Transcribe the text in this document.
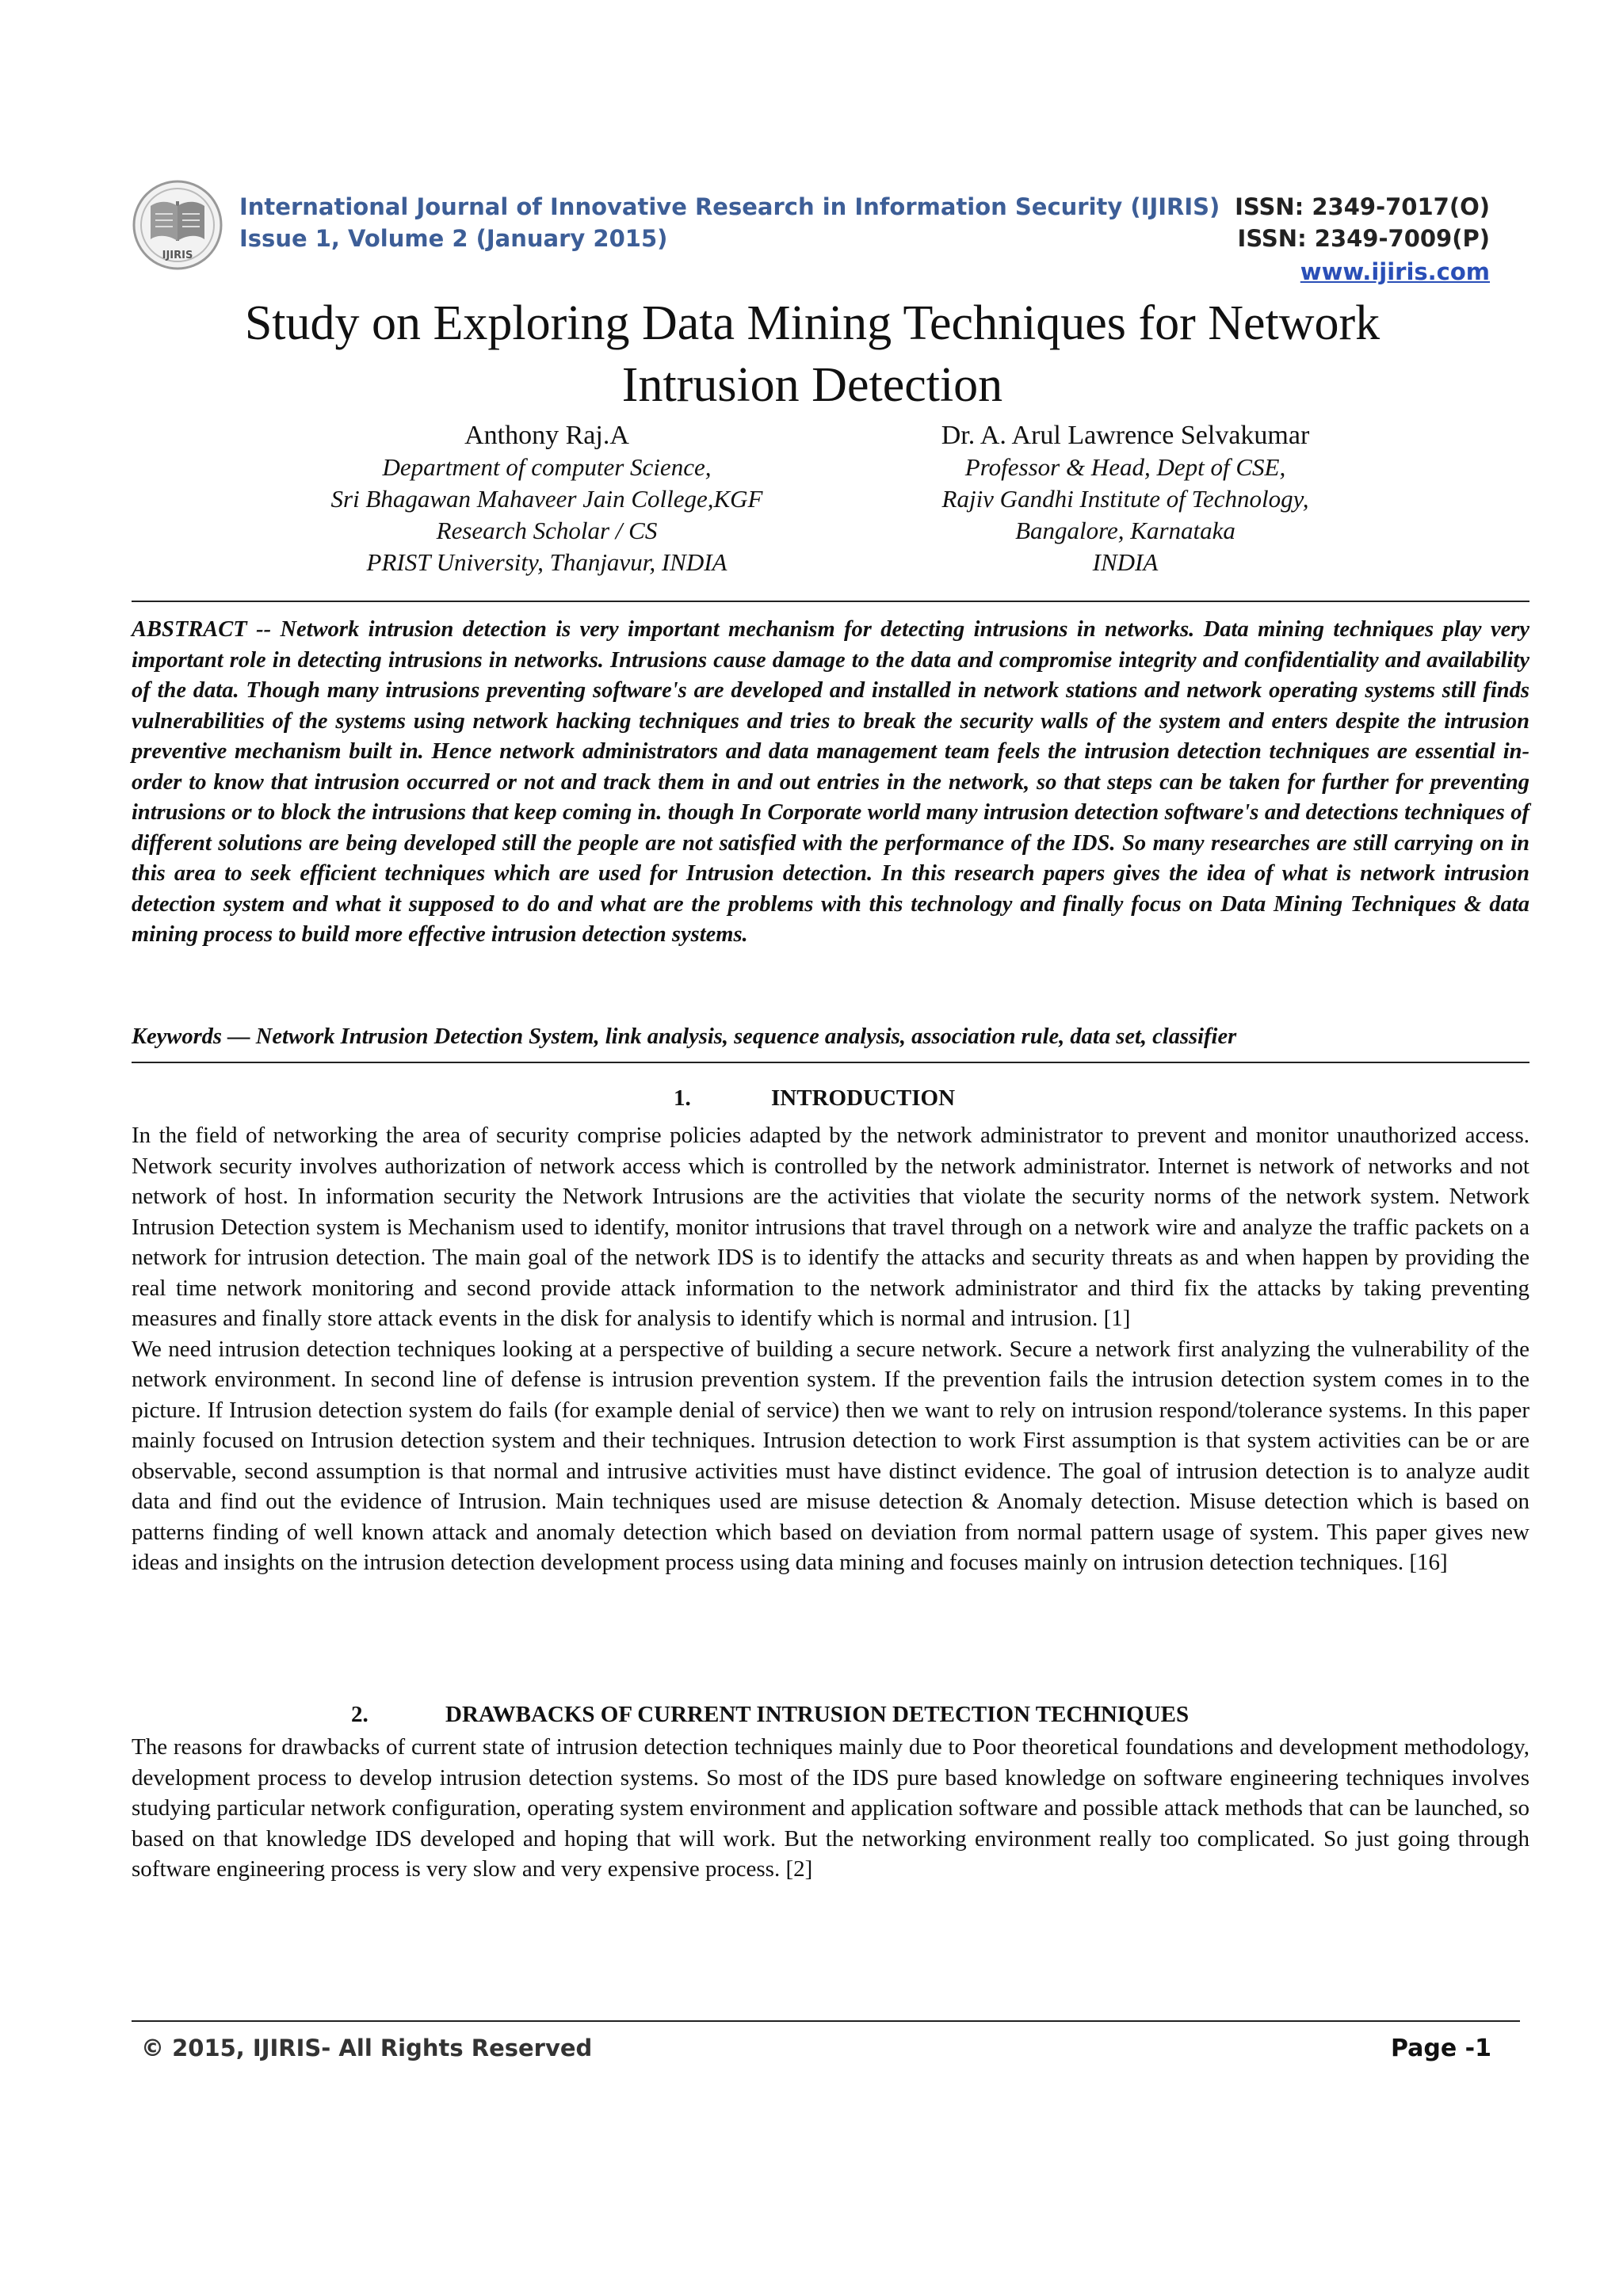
IJIRIS
International Journal of Innovative Research in Information Security (IJIRIS)
Issue 1, Volume 2 (January 2015)
ISSN: 2349-7017(O)
ISSN: 2349-7009(P)
www.ijiris.com
Study on Exploring Data Mining Techniques for Network
Intrusion Detection
Anthony Raj.A
Department of computer Science,
Sri Bhagawan Mahaveer Jain College,KGF
Research Scholar / CS
PRIST University, Thanjavur, INDIA
Dr. A. Arul Lawrence Selvakumar
Professor & Head, Dept of CSE,
Rajiv Gandhi Institute of Technology,
Bangalore, Karnataka
INDIA
ABSTRACT -- Network intrusion detection is very important mechanism for detecting intrusions in networks. Data mining techniques play very important role in detecting intrusions in networks. Intrusions cause damage to the data and compromise integrity and confidentiality and availability of the data. Though many intrusions preventing software's are developed and installed in network stations and network operating systems still finds vulnerabilities of the systems using network hacking techniques and tries to break the security walls of the system and enters despite the intrusion preventive mechanism built in. Hence network administrators and data management team feels the intrusion detection techniques are essential in-order to know that intrusion occurred or not and track them in and out entries in the network, so that steps can be taken for further for preventing intrusions or to block the intrusions that keep coming in. though In Corporate world many intrusion detection software's and detections techniques of different solutions are being developed still the people are not satisfied with the performance of the IDS. So many researches are still carrying on in this area to seek efficient techniques which are used for Intrusion detection. In this research papers gives the idea of what is network intrusion detection system and what it supposed to do and what are the problems with this technology and finally focus on Data Mining Techniques & data mining process to build more effective intrusion detection systems.
Keywords — Network Intrusion Detection System, link analysis, sequence analysis, association rule, data set, classifier
1.	INTRODUCTION

In the field of networking the area of security comprise policies adapted by the network administrator to prevent and monitor unauthorized access. Network security involves authorization of network access which is controlled by the network administrator. Internet is network of networks and not network of host. In information security the Network Intrusions are the activities that violate the security norms of the network system. Network Intrusion Detection system is Mechanism used to identify, monitor intrusions that travel through on a network wire and analyze the traffic packets on a network for intrusion detection. The main goal of the network IDS is to identify the attacks and security threats as and when happen by providing the real time network monitoring and second provide attack information to the network administrator and third fix the attacks by taking preventing measures and finally store attack events in the disk for analysis to identify which is normal and intrusion. [1]

We need intrusion detection techniques looking at a perspective of building a secure network. Secure a network first analyzing the vulnerability of the network environment. In second line of defense is intrusion prevention system. If the prevention fails the intrusion detection system comes in to the picture. If Intrusion detection system do fails (for example denial of service) then we want to rely on intrusion respond/tolerance systems. In this paper mainly focused on Intrusion detection system and their techniques. Intrusion detection to work First assumption is that system activities can be or are observable, second assumption is that normal and intrusive activities must have distinct evidence. The goal of intrusion detection is to analyze audit data and find out the evidence of Intrusion. Main techniques used are misuse detection & Anomaly detection. Misuse detection which is based on patterns finding of well known attack and anomaly detection which based on deviation from normal pattern usage of system. This paper gives new ideas and insights on the intrusion detection development process using data mining and focuses mainly on intrusion detection techniques. [16]

2.	DRAWBACKS OF CURRENT INTRUSION DETECTION TECHNIQUES

The reasons for drawbacks of current state of intrusion detection techniques mainly due to Poor theoretical foundations and development methodology, development process to develop intrusion detection systems. So most of the IDS pure based knowledge on software engineering techniques involves studying particular network configuration, operating system environment and application software and possible attack methods that can be launched, so based on that knowledge IDS developed and hoping that will work. But the networking environment really too complicated. So just going through software engineering process is very slow and very expensive process. [2]

© 2015, IJIRIS- All Rights Reserved	Page -1
